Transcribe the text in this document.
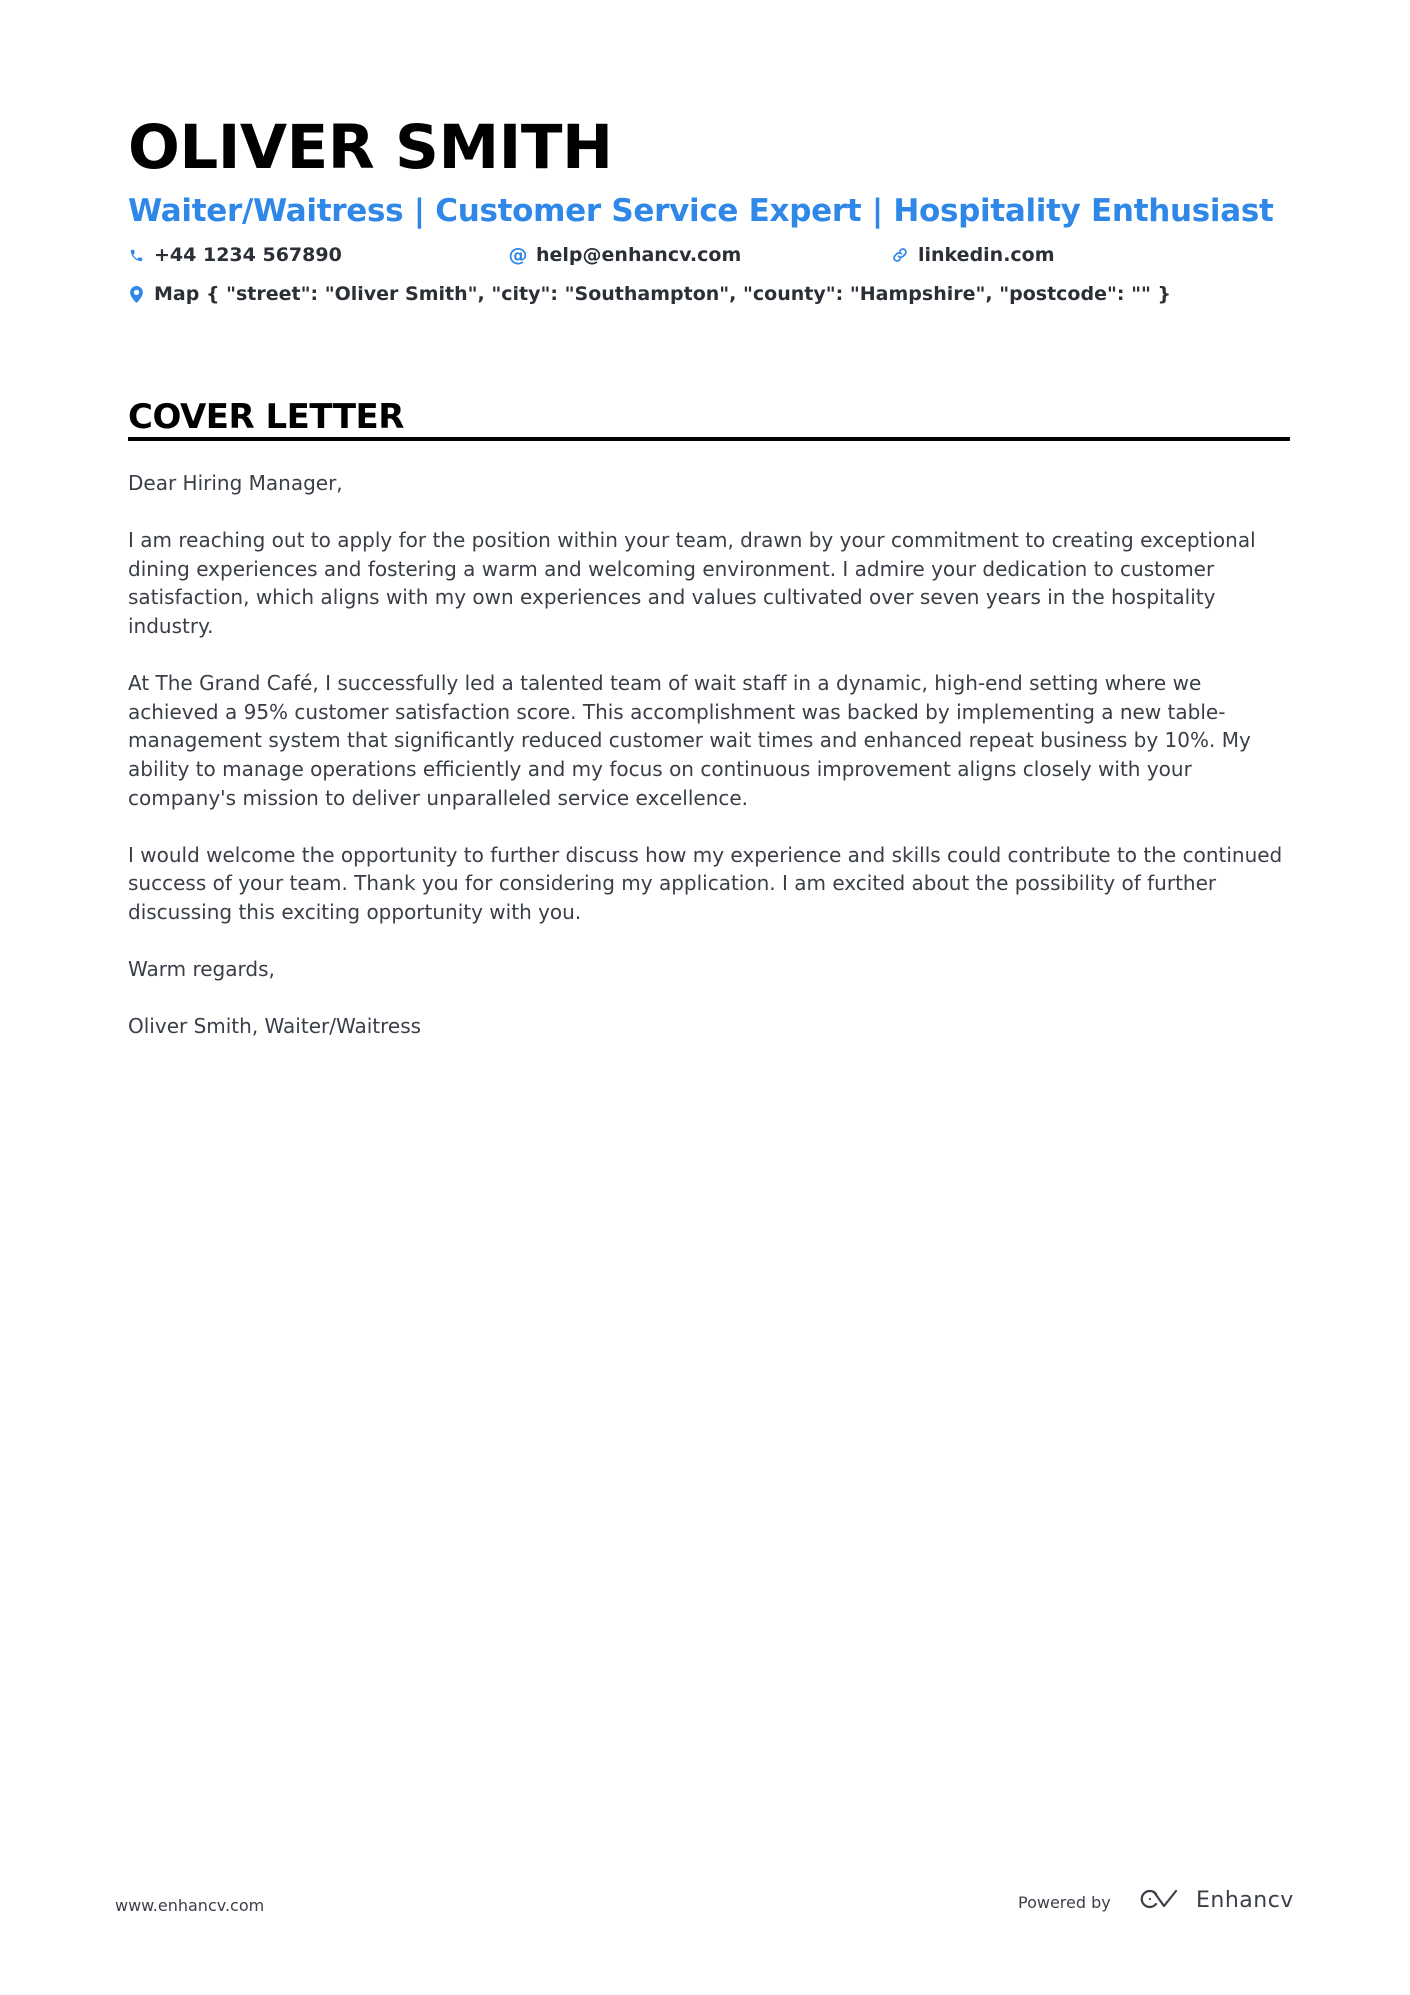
OLIVER SMITH
Waiter/Waitress | Customer Service Expert | Hospitality Enthusiast
+44 1234 567890	@ help@enhancv.com	linkedin.com
Map { "street": "Oliver Smith", "city": "Southampton", "county": "Hampshire", "postcode": "" }
COVER LETTER

Dear Hiring Manager,

I am reaching out to apply for the position within your team, drawn by your commitment to creating exceptional dining experiences and fostering a warm and welcoming environment. I admire your dedication to customer satisfaction, which aligns with my own experiences and values cultivated over seven years in the hospitality industry.

At The Grand Café, I successfully led a talented team of wait staff in a dynamic, high-end setting where we achieved a 95% customer satisfaction score. This accomplishment was backed by implementing a new table-management system that significantly reduced customer wait times and enhanced repeat business by 10%. My ability to manage operations efficiently and my focus on continuous improvement aligns closely with your company's mission to deliver unparalleled service excellence.

I would welcome the opportunity to further discuss how my experience and skills could contribute to the continued success of your team. Thank you for considering my application. I am excited about the possibility of further discussing this exciting opportunity with you.

Warm regards,

Oliver Smith, Waiter/Waitress

www.enhancv.com	Powered by	Enhancv
